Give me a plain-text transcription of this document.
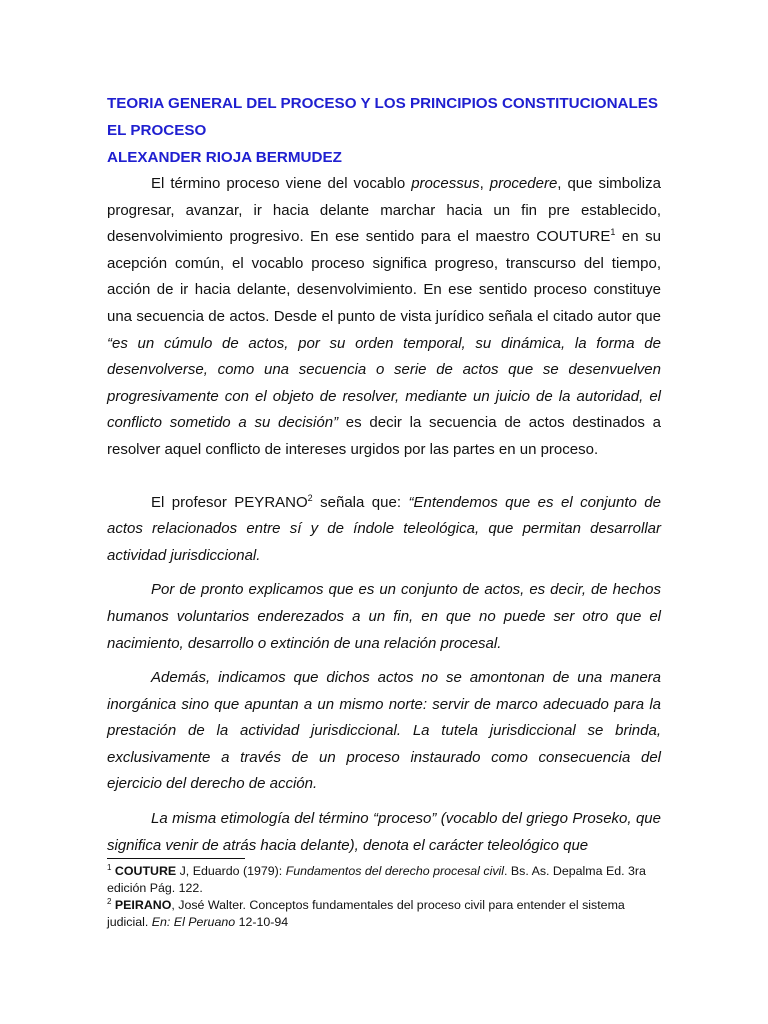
TEORIA GENERAL DEL PROCESO Y LOS PRINCIPIOS CONSTITUCIONALES

EL PROCESO

ALEXANDER RIOJA BERMUDEZ

El término proceso viene del vocablo processus, procedere, que simboliza progresar, avanzar, ir hacia delante marchar hacia un fin pre establecido, desenvolvimiento progresivo. En ese sentido para el maestro COUTURE$^1$ en su acepción común, el vocablo proceso significa progreso, transcurso del tiempo, acción de ir hacia delante, desenvolvimiento. En ese sentido proceso constituye una secuencia de actos. Desde el punto de vista jurídico señala el citado autor que “es un cúmulo de actos, por su orden temporal, su dinámica, la forma de desenvolverse, como una secuencia o serie de actos que se desenvuelven progresivamente con el objeto de resolver, mediante un juicio de la autoridad, el conflicto sometido a su decisión” es decir la secuencia de actos destinados a resolver aquel conflicto de intereses urgidos por las partes en un proceso.

El profesor PEYRANO$^2$ señala que: “Entendemos que es el conjunto de actos relacionados entre sí y de índole teleológica, que permitan desarrollar actividad jurisdiccional.

Por de pronto explicamos que es un conjunto de actos, es decir, de hechos humanos voluntarios enderezados a un fin, en que no puede ser otro que el nacimiento, desarrollo o extinción de una relación procesal.

Además, indicamos que dichos actos no se amontonan de una manera inorgánica sino que apuntan a un mismo norte: servir de marco adecuado para la prestación de la actividad jurisdiccional. La tutela jurisdiccional se brinda, exclusivamente a través de un proceso instaurado como consecuencia del ejercicio del derecho de acción.

La misma etimología del término “proceso” (vocablo del griego Proseko, que significa venir de atrás hacia delante), denota el carácter teleológico que

$^1$ COUTURE J, Eduardo (1979): Fundamentos del derecho procesal civil. Bs. As. Depalma Ed. 3ra edición Pág. 122.

$^2$ PEIRANO, José Walter. Conceptos fundamentales del proceso civil para entender el sistema judicial. En: El Peruano 12-10-94
